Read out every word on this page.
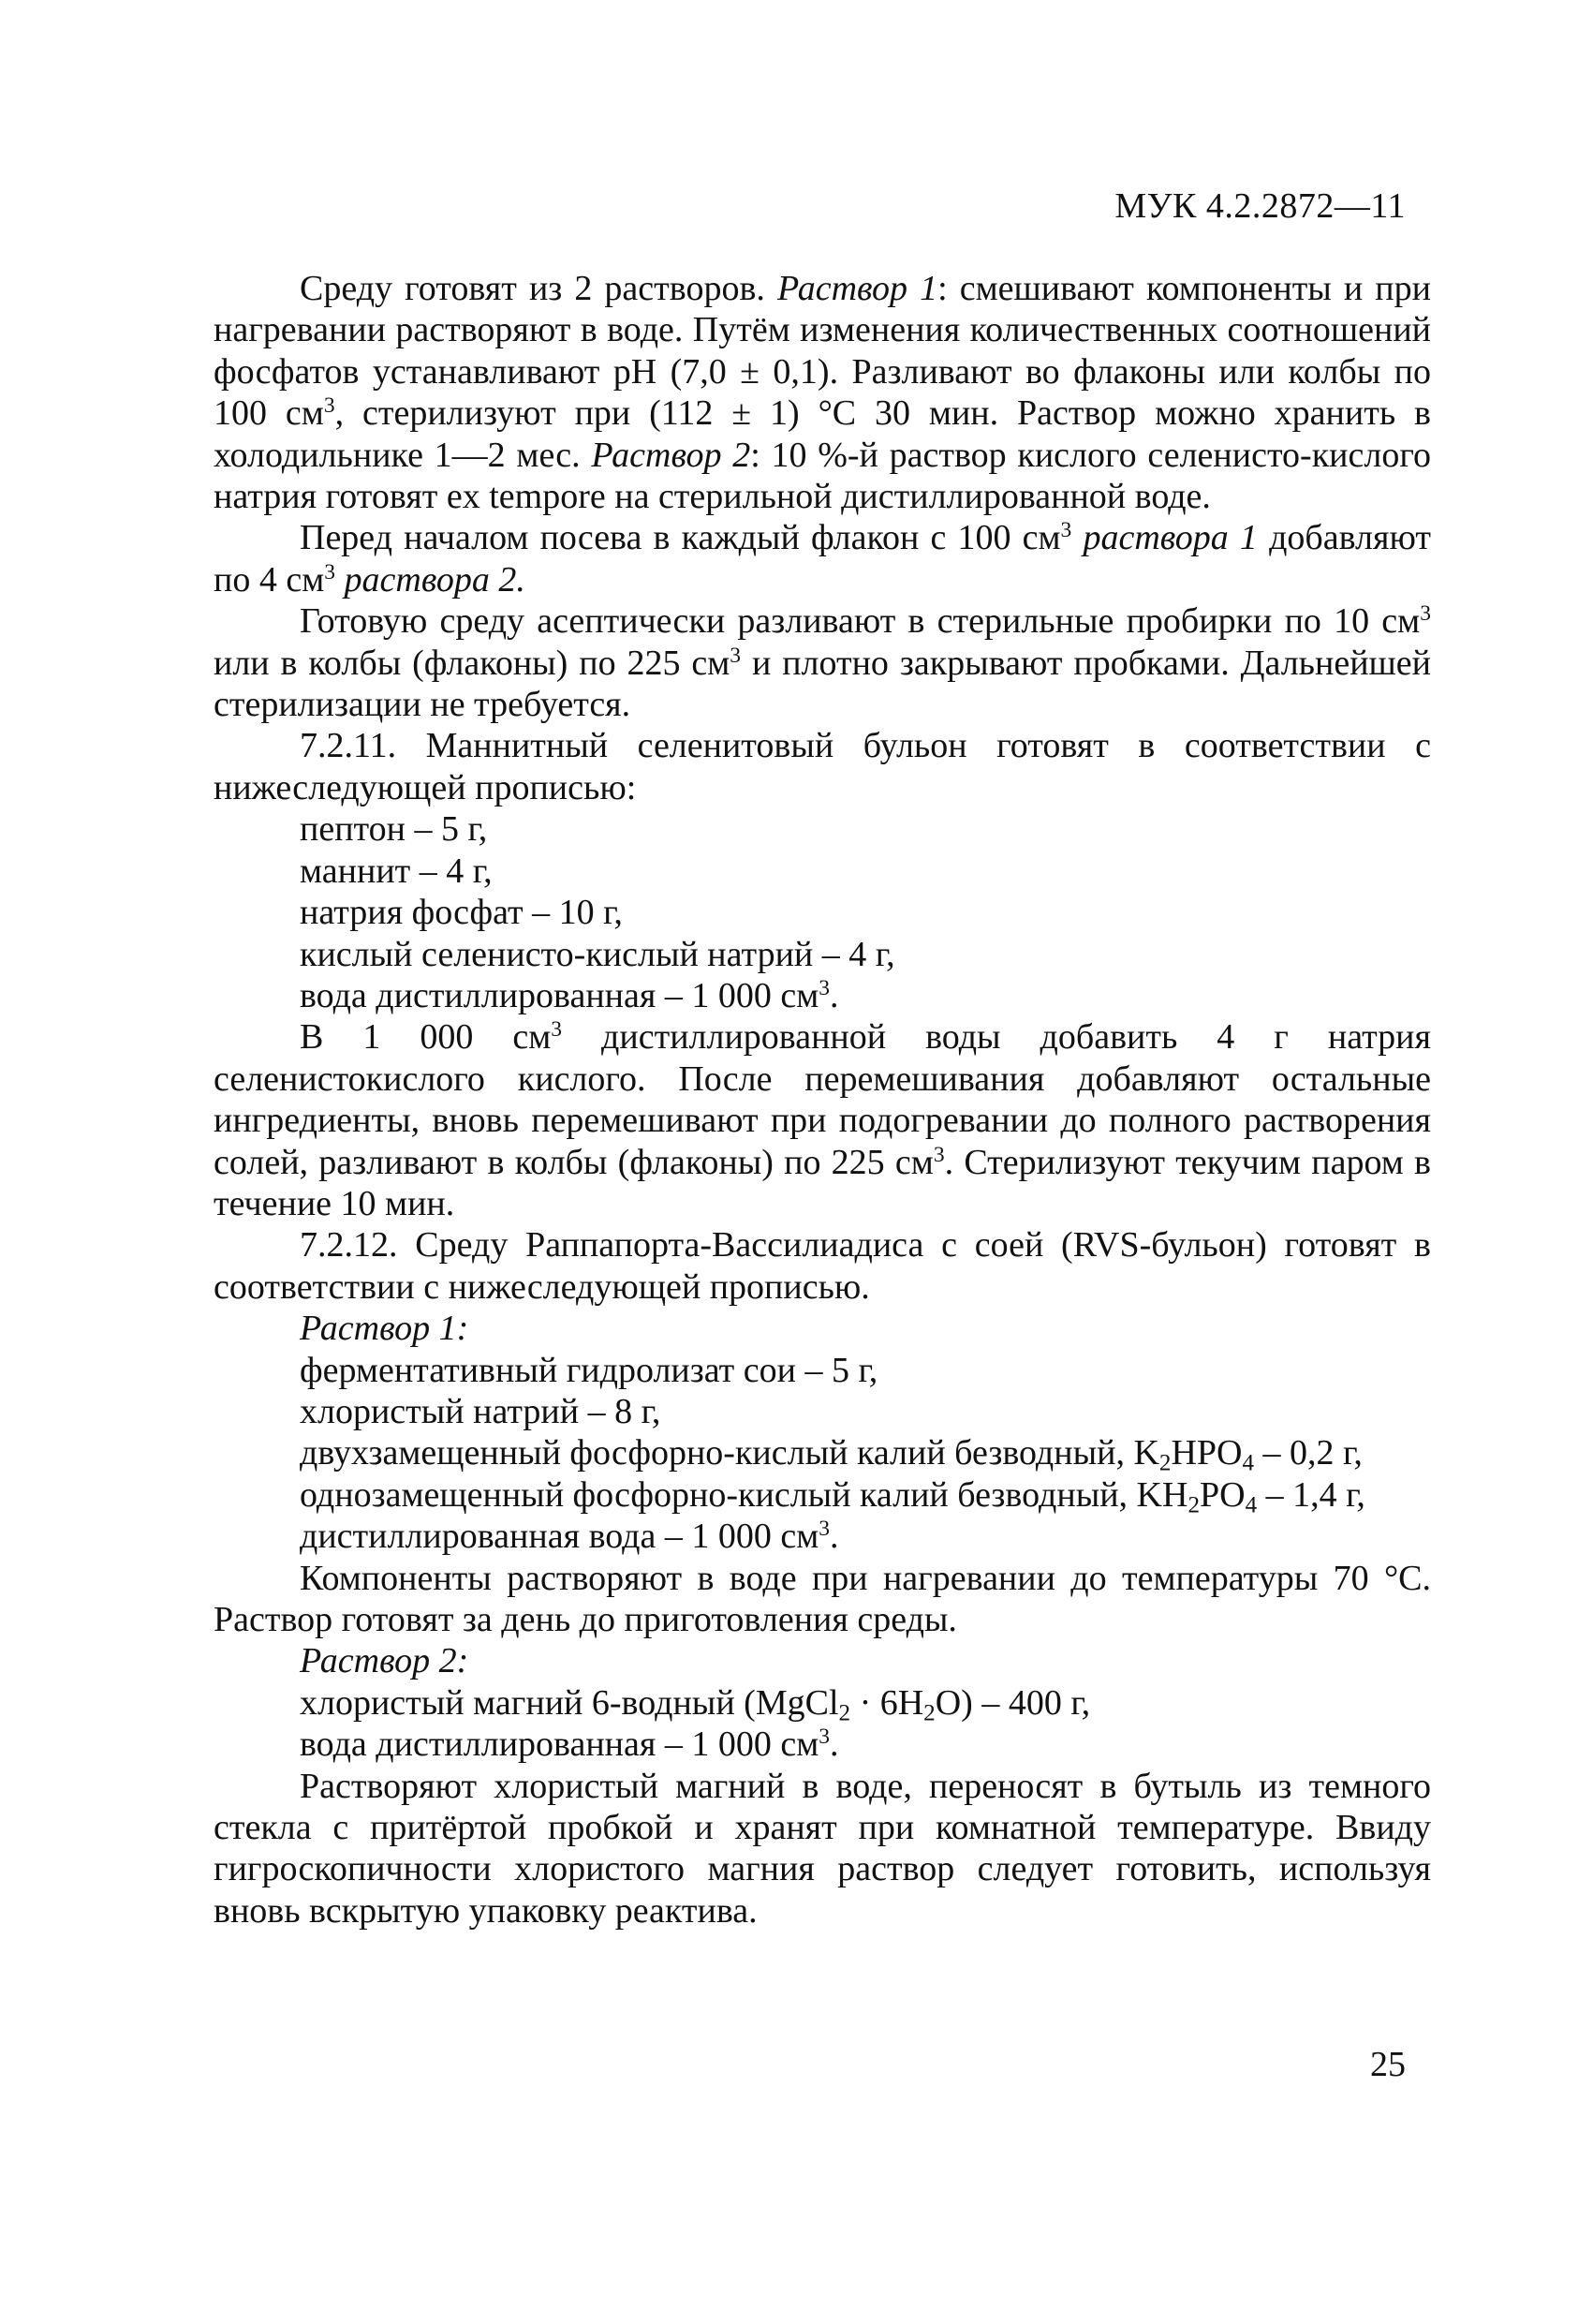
МУК 4.2.2872—11

Среду готовят из 2 растворов. Раствор 1: смешивают компоненты и при нагревании растворяют в воде. Путём изменения количественных соотношений фосфатов устанавливают рН (7,0 ± 0,1). Разливают во флаконы или колбы по 100 $см^3$, стерилизуют при (112 ± 1) °С 30 мин. Раствор можно хранить в холодильнике 1—2 мес. Раствор 2: 10 %-й раствор кислого селенисто-кислого натрия готовят ex tempore на стерильной дистиллированной воде.

Перед началом посева в каждый флакон с 100 $см^3$ раствора 1 добавляют по 4 $см^3$ раствора 2.

Готовую среду асептически разливают в стерильные пробирки по 10 $см^3$ или в колбы (флаконы) по 225 $см^3$ и плотно закрывают пробками. Дальнейшей стерилизации не требуется.

7.2.11. Маннитный селенитовый бульон готовят в соответствии с нижеследующей прописью:

пептон – 5 г,

маннит – 4 г,

натрия фосфат – 10 г,

кислый селенисто-кислый натрий – 4 г,

вода дистиллированная – 1 000 $см^3$.

В 1 000 $см^3$ дистиллированной воды добавить 4 г натрия селенистокислого кислого. После перемешивания добавляют остальные ингредиенты, вновь перемешивают при подогревании до полного растворения солей, разливают в колбы (флаконы) по 225 $см^3$. Стерилизуют текучим паром в течение 10 мин.

7.2.12. Среду Раппапорта-Вассилиадиса с соей (RVS-бульон) готовят в соответствии с нижеследующей прописью.

Раствор 1:

ферментативный гидролизат сои – 5 г,

хлористый натрий – 8 г,

двухзамещенный фосфорно-кислый калий безводный, K2HPO4 – 0,2 г,

однозамещенный фосфорно-кислый калий безводный, KH2PO4 – 1,4 г,

дистиллированная вода – 1 000 $см^3$.

Компоненты растворяют в воде при нагревании до температуры 70 °С. Раствор готовят за день до приготовления среды.

Раствор 2:

хлористый магний 6-водный (MgCl2 · 6H2O) – 400 г,

вода дистиллированная – 1 000 $см^3$.

Растворяют хлористый магний в воде, переносят в бутыль из темного стекла с притёртой пробкой и хранят при комнатной температуре. Ввиду гигроскопичности хлористого магния раствор следует готовить, используя вновь вскрытую упаковку реактива.

25
